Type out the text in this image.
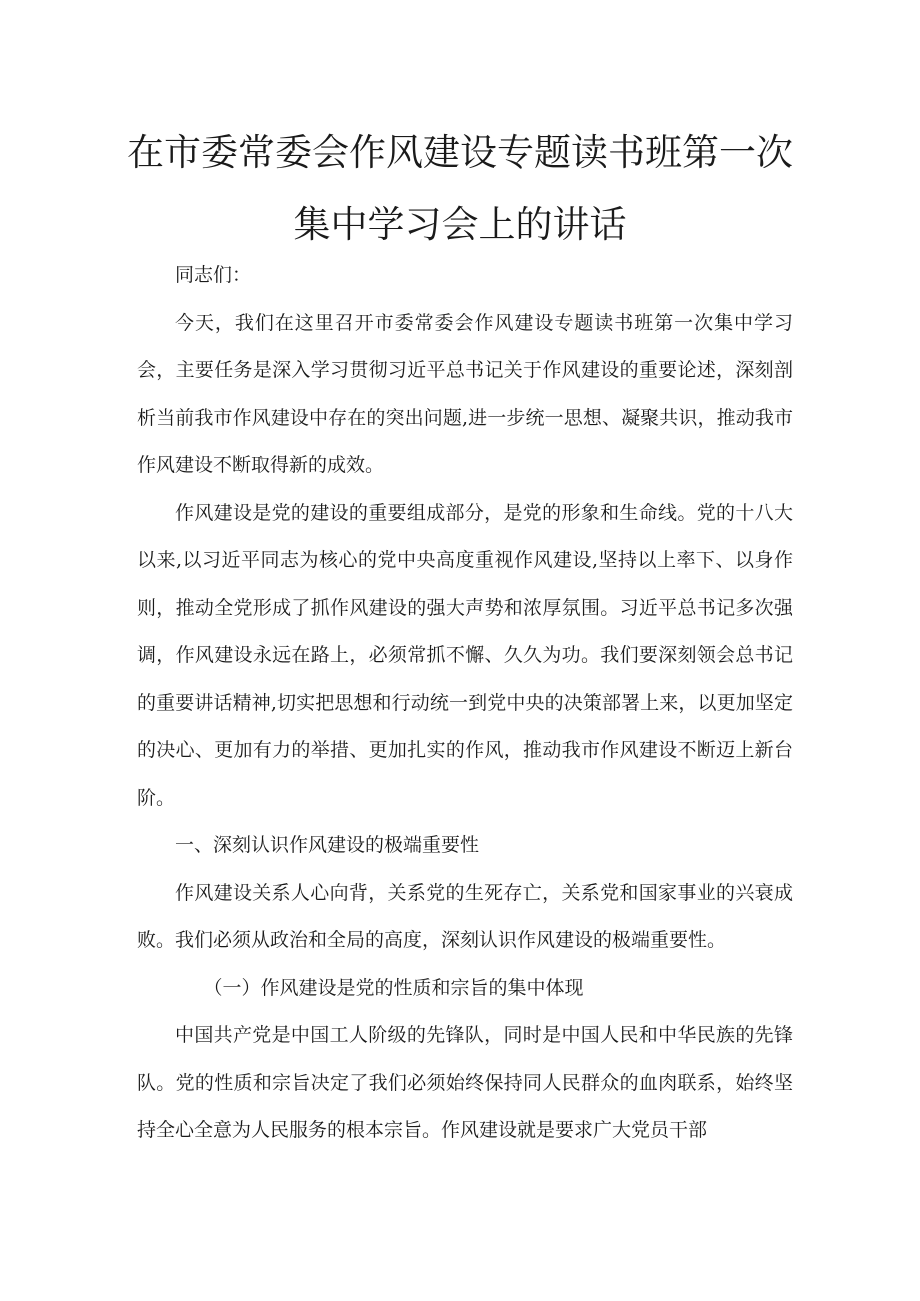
在市委常委会作风建设专题读书班第一次集中学习会上的讲话

同志们：

今天，我们在这里召开市委常委会作风建设专题读书班第一次集中学习会，主要任务是深入学习贯彻习近平总书记关于作风建设的重要论述，深刻剖析当前我市作风建设中存在的突出问题,进一步统一思想、凝聚共识，推动我市作风建设不断取得新的成效。

作风建设是党的建设的重要组成部分，是党的形象和生命线。党的十八大以来,以习近平同志为核心的党中央高度重视作风建设,坚持以上率下、以身作则，推动全党形成了抓作风建设的强大声势和浓厚氛围。习近平总书记多次强调，作风建设永远在路上，必须常抓不懈、久久为功。我们要深刻领会总书记的重要讲话精神,切实把思想和行动统一到党中央的决策部署上来，以更加坚定的决心、更加有力的举措、更加扎实的作风，推动我市作风建设不断迈上新台阶。

一、深刻认识作风建设的极端重要性

作风建设关系人心向背，关系党的生死存亡，关系党和国家事业的兴衰成败。我们必须从政治和全局的高度，深刻认识作风建设的极端重要性。

（一）作风建设是党的性质和宗旨的集中体现

中国共产党是中国工人阶级的先锋队，同时是中国人民和中华民族的先锋队。党的性质和宗旨决定了我们必须始终保持同人民群众的血肉联系，始终坚持全心全意为人民服务的根本宗旨。作风建设就是要求广大党员干部
